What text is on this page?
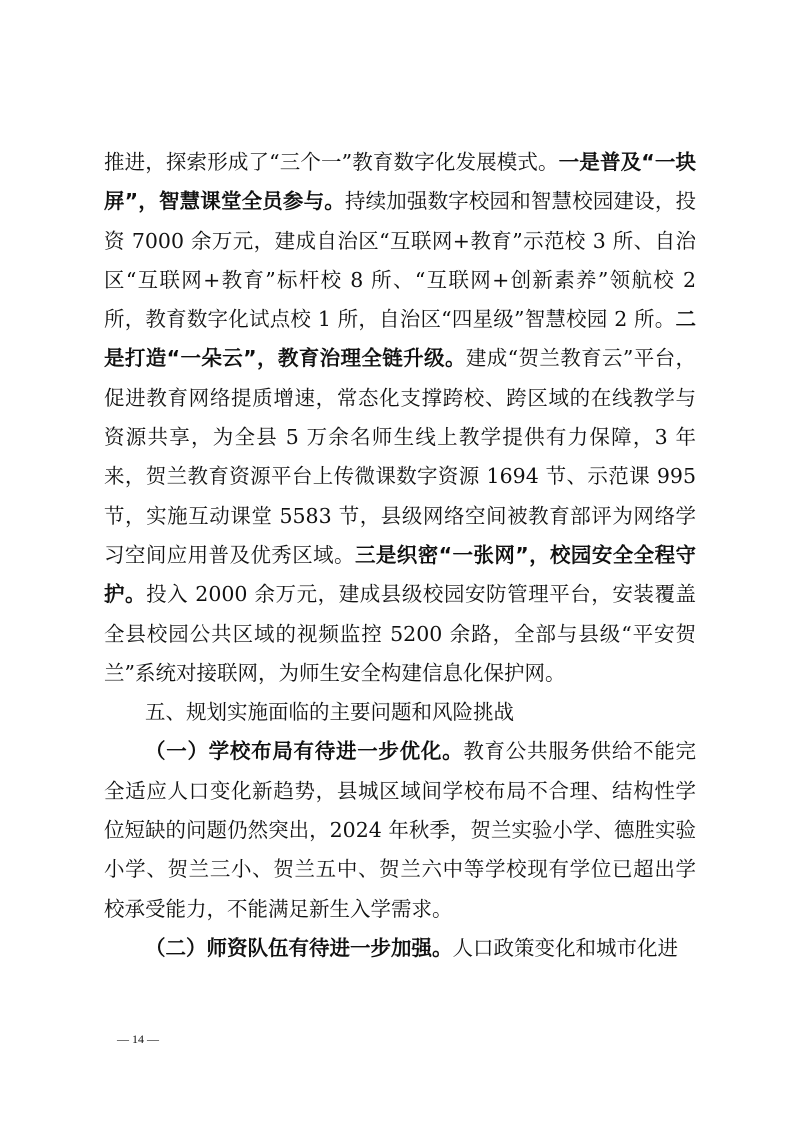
推进，探索形成了“三个一”教育数字化发展模式。一是普及“一块屏”，智慧课堂全员参与。持续加强数字校园和智慧校园建设，投资 7000 余万元，建成自治区“互联网+教育”示范校 3 所、自治区“互联网+教育”标杆校 8 所、“互联网+创新素养”领航校 2 所，教育数字化试点校 1 所，自治区“四星级”智慧校园 2 所。二是打造“一朵云”，教育治理全链升级。建成“贺兰教育云”平台，促进教育网络提质增速，常态化支撑跨校、跨区域的在线教学与资源共享，为全县 5 万余名师生线上教学提供有力保障，3 年来，贺兰教育资源平台上传微课数字资源 1694 节、示范课 995 节，实施互动课堂 5583 节，县级网络空间被教育部评为网络学习空间应用普及优秀区域。三是织密“一张网”，校园安全全程守护。投入 2000 余万元，建成县级校园安防管理平台，安装覆盖全县校园公共区域的视频监控 5200 余路，全部与县级“平安贺兰”系统对接联网，为师生安全构建信息化保护网。

五、规划实施面临的主要问题和风险挑战

（一）学校布局有待进一步优化。教育公共服务供给不能完全适应人口变化新趋势，县城区域间学校布局不合理、结构性学位短缺的问题仍然突出，2024 年秋季，贺兰实验小学、德胜实验小学、贺兰三小、贺兰五中、贺兰六中等学校现有学位已超出学校承受能力，不能满足新生入学需求。

（二）师资队伍有待进一步加强。人口政策变化和城市化进

— 14 —
